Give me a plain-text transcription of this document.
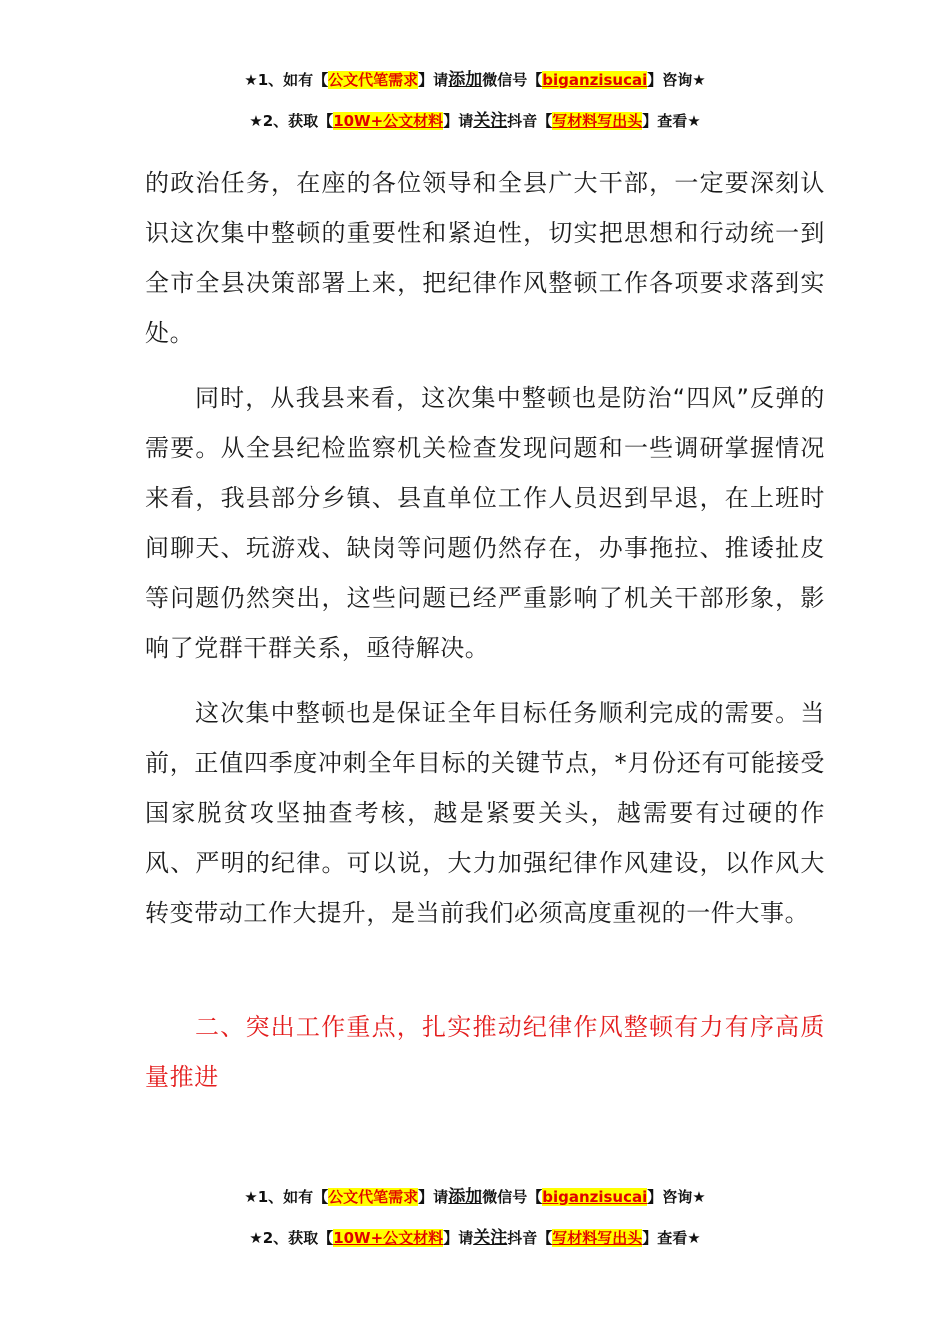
★1、如有【公文代笔需求】请添加微信号【biganzisucai】咨询★
★2、获取【10W+公文材料】请关注抖音【写材料写出头】查看★

的政治任务，在座的各位领导和全县广大干部，一定要深刻认识这次集中整顿的重要性和紧迫性，切实把思想和行动统一到全市全县决策部署上来，把纪律作风整顿工作各项要求落到实处。

同时，从我县来看，这次集中整顿也是防治“四风”反弹的需要。从全县纪检监察机关检查发现问题和一些调研掌握情况来看，我县部分乡镇、县直单位工作人员迟到早退，在上班时间聊天、玩游戏、缺岗等问题仍然存在，办事拖拉、推诿扯皮等问题仍然突出，这些问题已经严重影响了机关干部形象，影响了党群干群关系，亟待解决。

这次集中整顿也是保证全年目标任务顺利完成的需要。当前，正值四季度冲刺全年目标的关键节点，*月份还有可能接受国家脱贫攻坚抽查考核，越是紧要关头，越需要有过硬的作风、严明的纪律。可以说，大力加强纪律作风建设，以作风大转变带动工作大提升，是当前我们必须高度重视的一件大事。

二、突出工作重点，扎实推动纪律作风整顿有力有序高质量推进

★1、如有【公文代笔需求】请添加微信号【biganzisucai】咨询★
★2、获取【10W+公文材料】请关注抖音【写材料写出头】查看★
